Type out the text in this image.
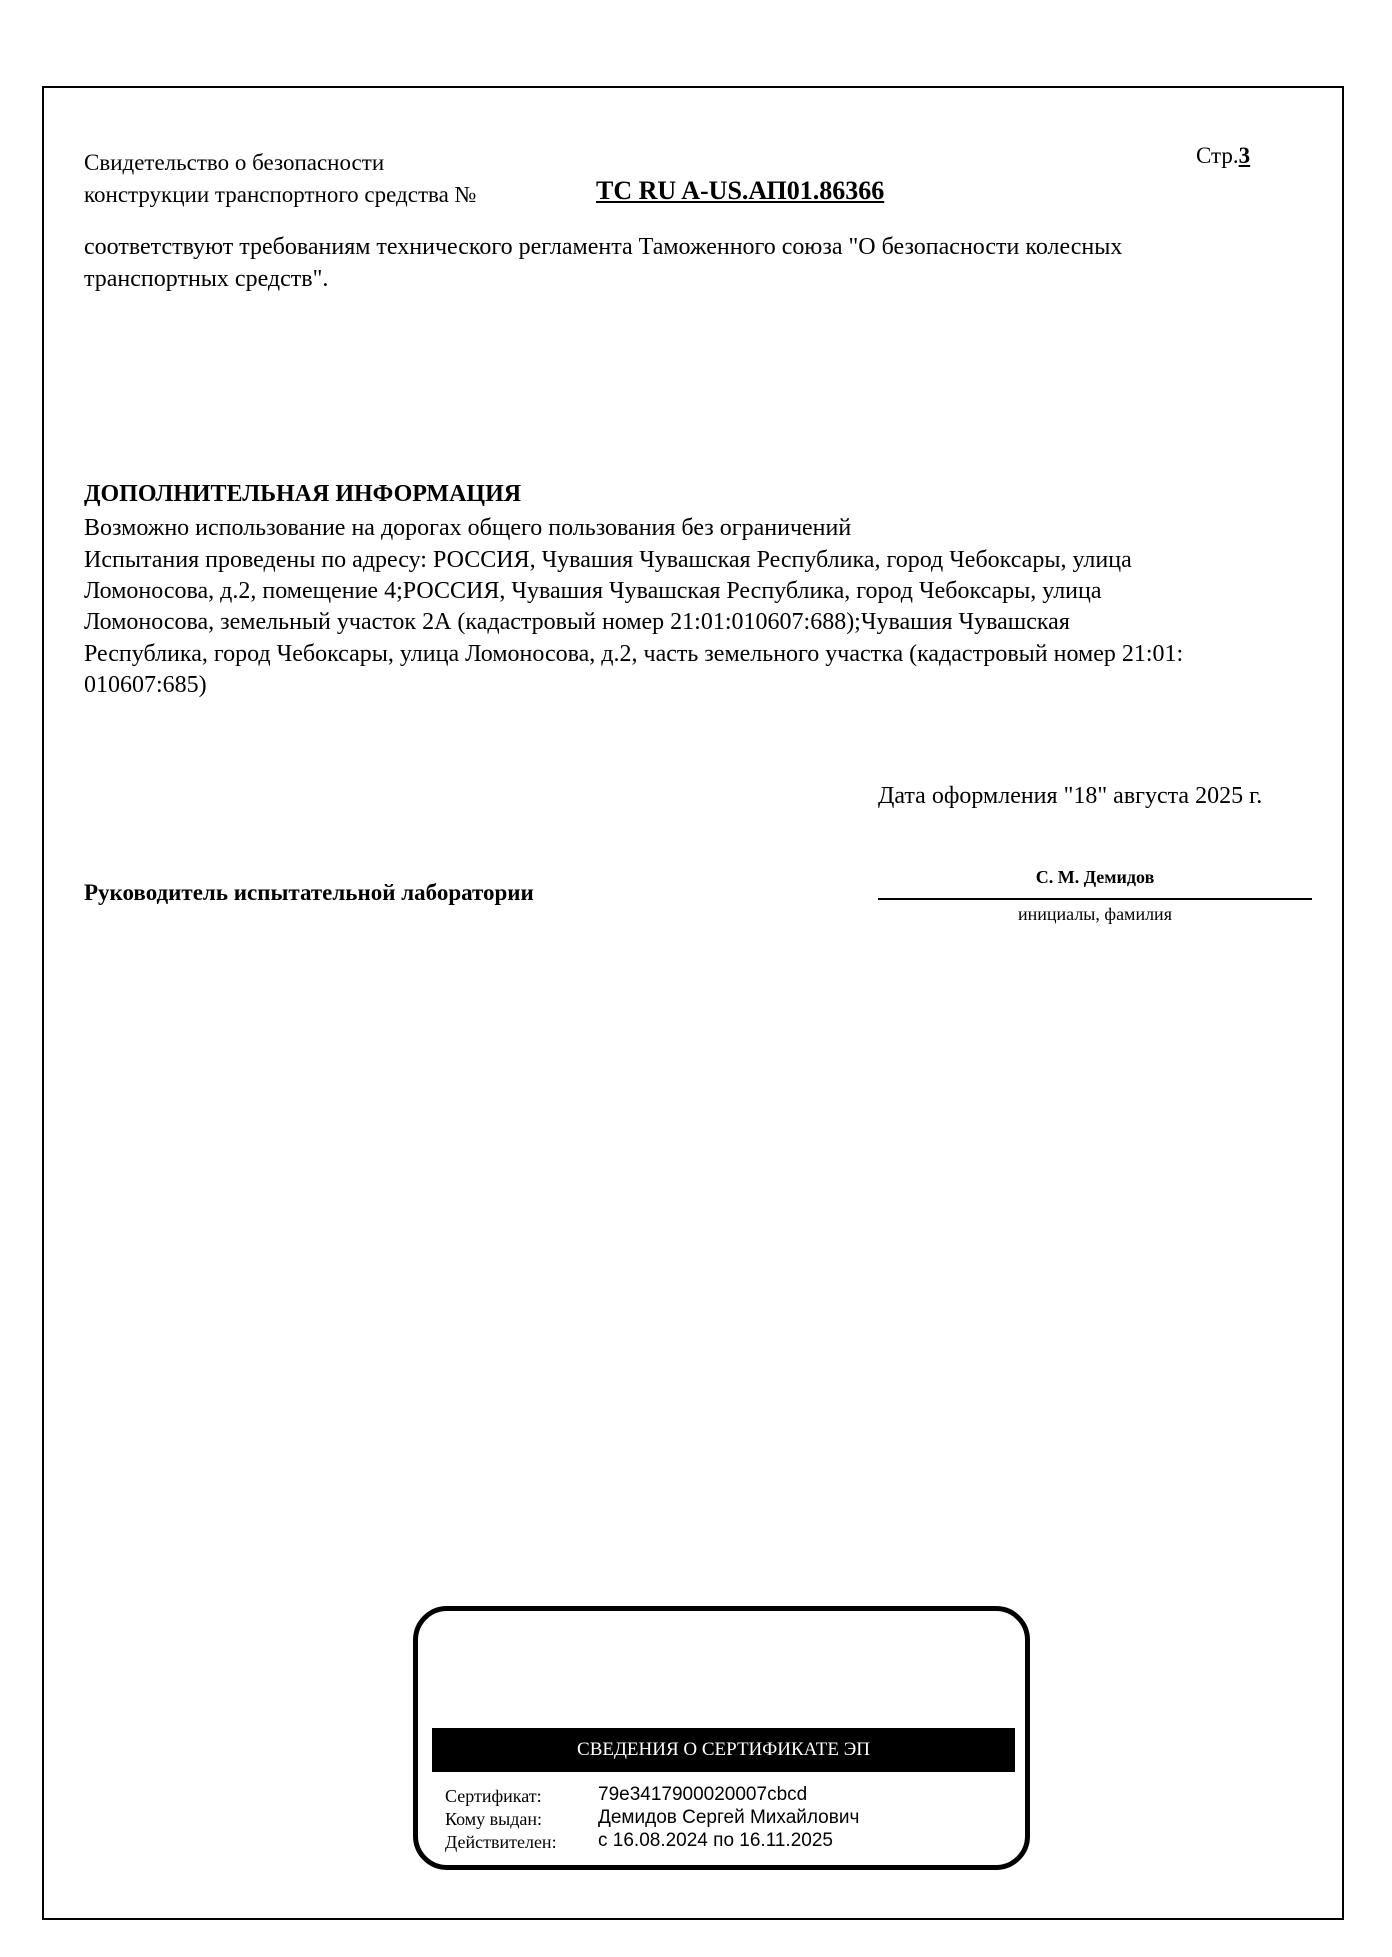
Свидетельство о безопасности
конструкции транспортного средства №	ТС RU A-US.АП01.86366
Стр.3
соответствуют требованиям технического регламента Таможенного союза "О безопасности колесных
транспортных средств".
ДОПОЛНИТЕЛЬНАЯ ИНФОРМАЦИЯ
Возможно использование на дорогах общего пользования без ограничений
Испытания проведены по адресу: РОССИЯ, Чувашия Чувашская Республика, город Чебоксары, улица
Ломоносова, д.2, помещение 4;РОССИЯ, Чувашия Чувашская Республика, город Чебоксары, улица
Ломоносова, земельный участок 2А (кадастровый номер 21:01:010607:688);Чувашия Чувашская
Республика, город Чебоксары, улица Ломоносова, д.2, часть земельного участка (кадастровый номер 21:01:
010607:685)
Дата оформления "18" августа 2025 г.
Руководитель испытательной лаборатории
С. М. Демидов
инициалы, фамилия
СВЕДЕНИЯ О СЕРТИФИКАТЕ ЭП
Сертификат:	79e3417900020007cbcd
Кому выдан:	Демидов Сергей Михайлович
Действителен: с 16.08.2024 по 16.11.2025
